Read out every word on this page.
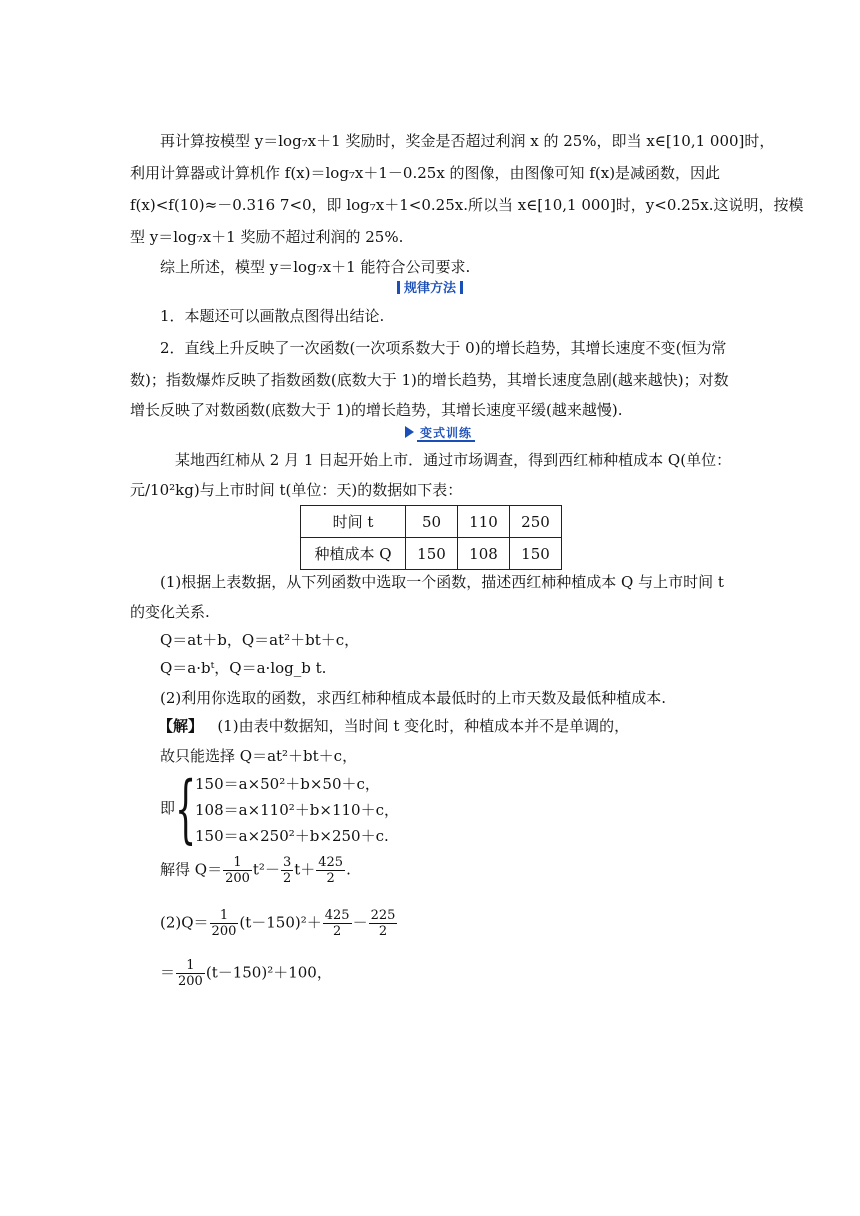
再计算按模型 y＝log₇x＋1 奖励时，奖金是否超过利润 x 的 25%，即当 x∈[10,1 000]时，
利用计算器或计算机作 f(x)＝log₇x＋1－0.25x 的图像，由图像可知 f(x)是减函数，因此
f(x)<f(10)≈－0.316 7<0，即 log₇x＋1<0.25x.所以当 x∈[10,1 000]时，y<0.25x.这说明，按模
型 y＝log₇x＋1 奖励不超过利润的 25%.
综上所述，模型 y＝log₇x＋1 能符合公司要求.
规律方法
1．本题还可以画散点图得出结论.
2．直线上升反映了一次函数(一次项系数大于 0)的增长趋势，其增长速度不变(恒为常
数)；指数爆炸反映了指数函数(底数大于 1)的增长趋势，其增长速度急剧(越来越快)；对数
增长反映了对数函数(底数大于 1)的增长趋势，其增长速度平缓(越来越慢).
变式训练
某地西红柿从 2 月 1 日起开始上市．通过市场调查，得到西红柿种植成本 Q(单位：
元/10²kg)与上市时间 t(单位：天)的数据如下表：
时间 t	50	110	250
种植成本 Q	150	108	150
(1)根据上表数据，从下列函数中选取一个函数，描述西红柿种植成本 Q 与上市时间 t
的变化关系.
Q＝at＋b，Q＝at²＋bt＋c，
Q＝a·bᵗ，Q＝a·log_b t.
(2)利用你选取的函数，求西红柿种植成本最低时的上市天数及最低种植成本.
【解】 (1)由表中数据知，当时间 t 变化时，种植成本并不是单调的，
故只能选择 Q＝at²＋bt＋c，
即 {
150＝a×50²＋b×50＋c，
108＝a×110²＋b×110＋c，
150＝a×250²＋b×250＋c.
解得 $Q= \frac{1}{200} t^2- \frac{3}{2} t+ \frac{425}{2}$ .
$(2)Q= \frac{1}{200} (t-150)^2+ \frac{425}{2} - \frac{225}{2}$
＝ $\frac{1}{200} (t-150)^2+100$，
